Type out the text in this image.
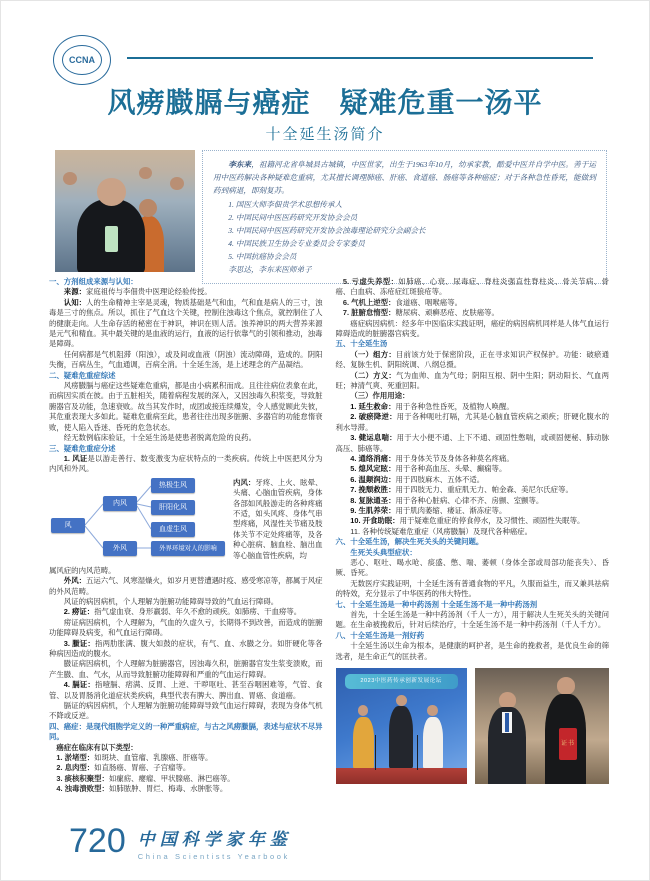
CCNA
风痨臌膈与癌症　疑难危重一汤平
十全延生汤简介

李东来，祖籍河北省阜城县古城镇，中医世家，出生于1963年10月，幼承家教，酷爱中医并自学中医。善于运用中医药解决各种疑难危重病，尤其擅长调理肺癌、肝癌、食道癌、肠癌等各种癌症；对于各种急性昏死，能做到药到病退，即刻复苏。

1. 国医大师李佃贵学术思想传承人
2. 中国民间中医医药研究开发协会会员
3. 中国民间中医医药研究开发协会浊毒理论研究分会副会长
4. 中国民族卫生协会专业委员会专家委员
5. 中国抗癌协会会员
李思达，李东来医师弟子

一、方剂组成来源与认知：

来源：家庭祖传与李佃贵中医理论经验传授。

认知：人的生命精神主宰是灵魂，物质基础是气和血，气和血是病人的三寸，浊毒是三寸的焦点。所以，抓住了气血这个关键，控制住浊毒这个焦点，就控制住了人的健康走向。人生命存活的秘密在于神识，神识在则人活。浊养神识的两大营养来源是元气和精血。其中最关键的是血液的运行，血液的运行依靠气的引领和推动，浊毒是障碍。

任何病都是气机阻滞（阳浊），或及间或血液（阴浊）流动障碍，造成的。阴阳失衡，百病丛生，气血通调，百病全消。十全延生汤，是上述理念的产品凝结。

二、疑难危重症综述

风痨臌膈与癌症这些疑难危重病，都是由小病累积而成。且往往病位表象在此，而病因实质在彼。由于五脏相关，随着病程发展的深入，又因浊毒久积浆变，导致脏腑器官及功能，急速衰败。故当其发作时，成团或接连续爆发，令人感觉顾此失彼，其危重表现大多如此。疑难危重病至此，患者往往出现多脏腑、多器官的功能怠惰衰败，使人陷入昏迷、昏死的危急状态。

经无数例临床验证，十全延生汤是使患者脱离危险的良药。

三、疑难危重症分述

1. 风证是以游走善行、数变激变为症状特点的一类疾病。传统上中医把风分为内风和外风。

风
内风
外风
热极生风
肝阳化风
血虚生风
外界环境对人的影响

内风：牙疼、上火、眩晕、头痛、心脑血管疾病，身体各部如风般游走的各种疼痛不适，如头风疼、身体气串型疼痛，风湿性关节痛及肢体关节不定处疼痛等，及各种心脏病、脑血栓、脑出血等心脑血管性疾病，均

属风症的内风范畴。

外风：五运六气、风寒湿燥火，如岁月更替遭遇时疫、感受寒凉等，都属于风症的外风范畴。

风证的病因病机，个人理解为脏腑功能障碍导致的气血运行障碍。

2. 痨证：指气虚血衰、身形羸弱、年久不愈的顽疾。如肺痨、干血痨等。

痨证病因病机，个人理解为，气血的久虚久亏，长期得不到改善，而造成的脏腑功能障碍及病变，和气血运行障碍。

3. 臌证：指两肋胀满、腹大如鼓的症状，有气、血、水臌之分。如肝硬化等各种病因造成的腹水。

臌证病因病机，个人理解为脏腑器官，因浊毒久积，脏腑器官发生浆变溃败，而产生臌、血、气水，从而导致脏腑功能障碍和严重的气血运行障碍。

4. 膈证：指噎膈、痞满、反胃、上逆、干哕呕吐、甚至吞咽困难等，气管、食管、以及胃肠消化道症状类疾病，典型代表有脾大、脾出血、胃癌、食道癌。

膈证的病因病机，个人理解为脏腑功能障碍导致气血运行障碍，表现为身体气机不降或反逆。

四、癌症：是现代细胞学定义的一种严重病症，与古之风痨臌膈，表述与症状不尽异同。

癌症在临床有以下类型：

1. 淤堵型：如斑块、血管瘤、乳腺癌、肝癌等。

2. 息肉型：如直肠癌、胃癌、子宫瘤等。

3. 痰核积聚型：如瘰疬、瘿瘤、甲状腺癌、淋巴癌等。

4. 浊毒溃败型：如肺脓肿、胃烂、梅毒、水肿胀等。

5. 亏虚失养型：如肺癌、心衰、尿毒症、脊柱炎强直性脊柱炎、骨关节病、骨癌、白血病、冻疮症红斑狼疮等。

6. 气机上逆型：食道癌、咽喉癌等。

7. 脏腑怠惰型：糖尿病、顽癣恶疮、皮肤癌等。

癌症病因病机：经多年中医临床实践证明，癌症的病因病机同样是人体气血运行障碍造成的脏腑器官病变。

五、十全延生汤

（一）组方：目前该方处于保密阶段，正在寻求知识产权保护。功能：破瘀通经、复脉生机、阴阳统调、八纲总摄。

（二）方义：气为血帅、血为气母；阴阳互根、阴中生阳；阴动阳长、气血两旺；神清气爽、死重回阳。

（三）作用用途：

1. 延生救命：用于各种急性昏死，及植物人唤醒。

2. 破瘀降逆：用于各种呃吐打嗝，尤其是心脑血管疾病之顽疾；肝硬化腹水的利水导滞。

3. 健运息喘：用于大小便不通、上下不通、顽固性憋喘，或顽固便秘、肺动脉高压、肺癌等。

4. 通络消痛：用于身体关节及身体各种莫名疼痛。

5. 熄风定眩：用于各种高血压、头晕、癫痫等。

6. 温颠润边：用于四肢麻木、五体不适。

7. 挽颓救胜：用于四肢无力、重症肌无力、帕金森、美尼尔氏症等。

8. 复脉通圣：用于各种心脏病、心律不齐、房颤、室颤等。

9. 生肌养荣：用于肌肉萎缩、痿证、渐冻症等。

10. 开食助眠：用于疑难危重症的停食停水，及习惯性、顽固性失眠等。

11. 各种传统疑难危重症（风痨臌膈）及现代各种癌症。

六、十全延生汤，解决生死关头的关键问题。

生死关头典型症状：

恶心、呕吐、喝水呛、痰盛、憋、喘、萎顿（身体全部或局部功能丧失）、昏厥、昏死。

无数医疗实践证明，十全延生汤有普通食物的平凡，久服而益生，而又兼具祛病的特效，充分显示了中华医药的伟大特性。

七、十全延生汤是一种中药汤剂 十全延生汤不是一种中药汤剂

首先，十全延生汤是一种中药汤剂（千人一方），用于解决人生死关头的关键问题。在生命被挽救后，针对后续治疗，十全延生汤不是一种中药汤剂（千人千方）。

八、十全延生汤是一剂好药

十全延生汤以生命为根本，是健康的呵护者，是生命的挽救者，是优良生命的筛选者，是生命正气的匡扶者。

2023中医药传承创新发展论坛
证书
720 中国科学家年鉴
China Scientists Yearbook
